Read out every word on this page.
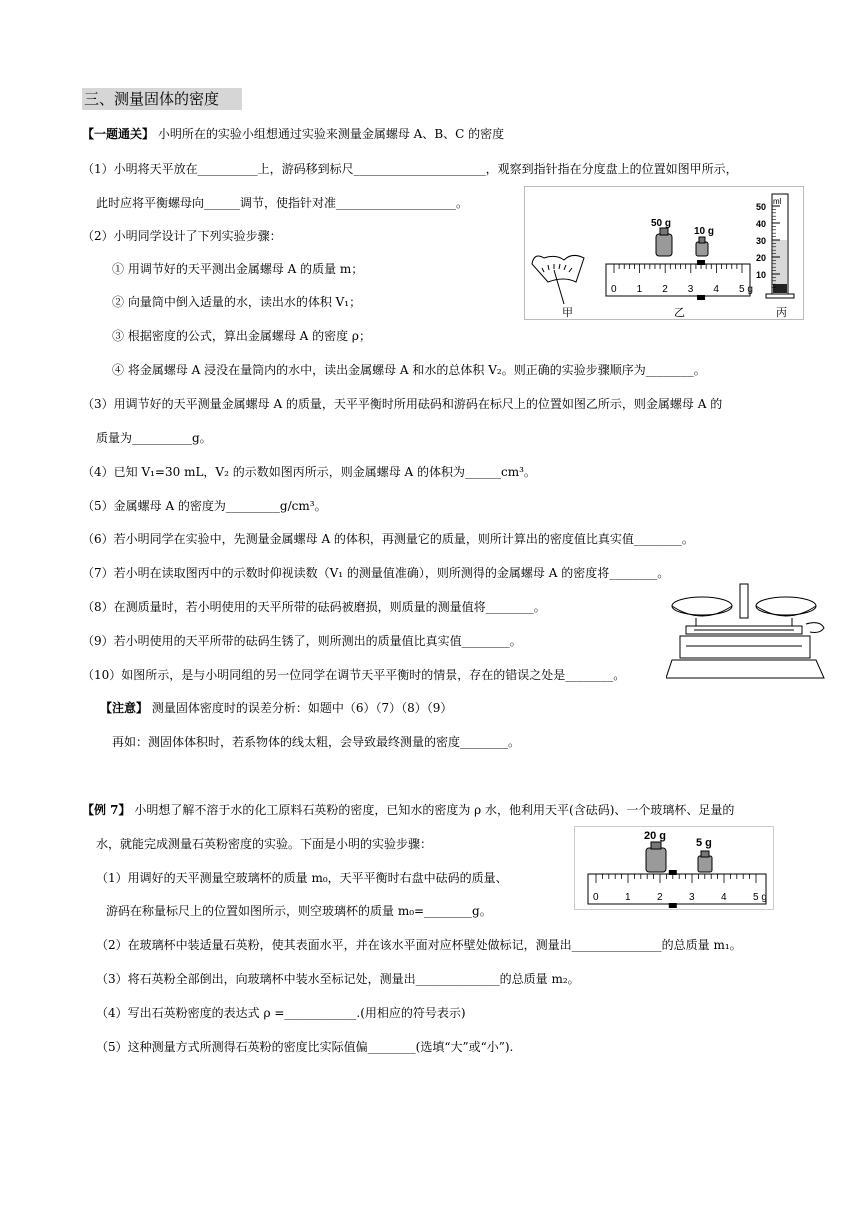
三、测量固体的密度
【一题通关】 小明所在的实验小组想通过实验来测量金属螺母 A、B、C 的密度
（1）小明将天平放在__________上，游码移到标尺______________________，观察到指针指在分度盘上的位置如图甲所示，
此时应将平衡螺母向______调节，使指针对准____________________。
（2）小明同学设计了下列实验步骤：
① 用调节好的天平测出金属螺母 A 的质量 m；
② 向量筒中倒入适量的水，读出水的体积 V₁；
③ 根据密度的公式，算出金属螺母 A 的密度 ρ；
④ 将金属螺母 A 浸没在量筒内的水中，读出金属螺母 A 和水的总体积 V₂。则正确的实验步骤顺序为________。
（3）用调节好的天平测量金属螺母 A 的质量，天平平衡时所用砝码和游码在标尺上的位置如图乙所示，则金属螺母 A 的
质量为__________g。
（4）已知 V₁=30 mL，V₂ 的示数如图丙所示，则金属螺母 A 的体积为______cm³。
（5）金属螺母 A 的密度为_________g/cm³。
（6）若小明同学在实验中，先测量金属螺母 A 的体积，再测量它的质量，则所计算出的密度值比真实值________。
（7）若小明在读取图丙中的示数时仰视读数（V₁ 的测量值准确），则所测得的金属螺母 A 的密度将________。
（8）在测质量时，若小明使用的天平所带的砝码被磨损，则质量的测量值将________。
（9）若小明使用的天平所带的砝码生锈了，则所测出的质量值比真实值________。
（10）如图所示，是与小明同组的另一位同学在调节天平平衡时的情景，存在的错误之处是________。
【注意】 测量固体密度时的误差分析：如题中（6）（7）（8）（9）
再如：测固体体积时，若系物体的线太粗，会导致最终测量的密度________。
【例 7】 小明想了解不溶于水的化工原料石英粉的密度，已知水的密度为 ρ 水，他利用天平(含砝码)、一个玻璃杯、足量的
水，就能完成测量石英粉密度的实验。下面是小明的实验步骤：
（1）用调好的天平测量空玻璃杯的质量 m₀，天平平衡时右盘中砝码的质量、
游码在称量标尺上的位置如图所示，则空玻璃杯的质量 m₀=________g。
（2）在玻璃杯中装适量石英粉，使其表面水平，并在该水平面对应杯壁处做标记，测量出_______________的总质量 m₁。
（3）将石英粉全部倒出，向玻璃杯中装水至标记处，测量出______________的总质量 m₂。
（4）写出石英粉密度的表达式 ρ =____________.(用相应的符号表示)
（5）这种测量方式所测得石英粉的密度比实际值偏________(选填“大”或“小”).
甲
50 g
10 g
0 1 2 3 4 5 g
乙
50
40
30
20
10
ml
丙
20 g
5 g
0	1	2	3	4	5 g
